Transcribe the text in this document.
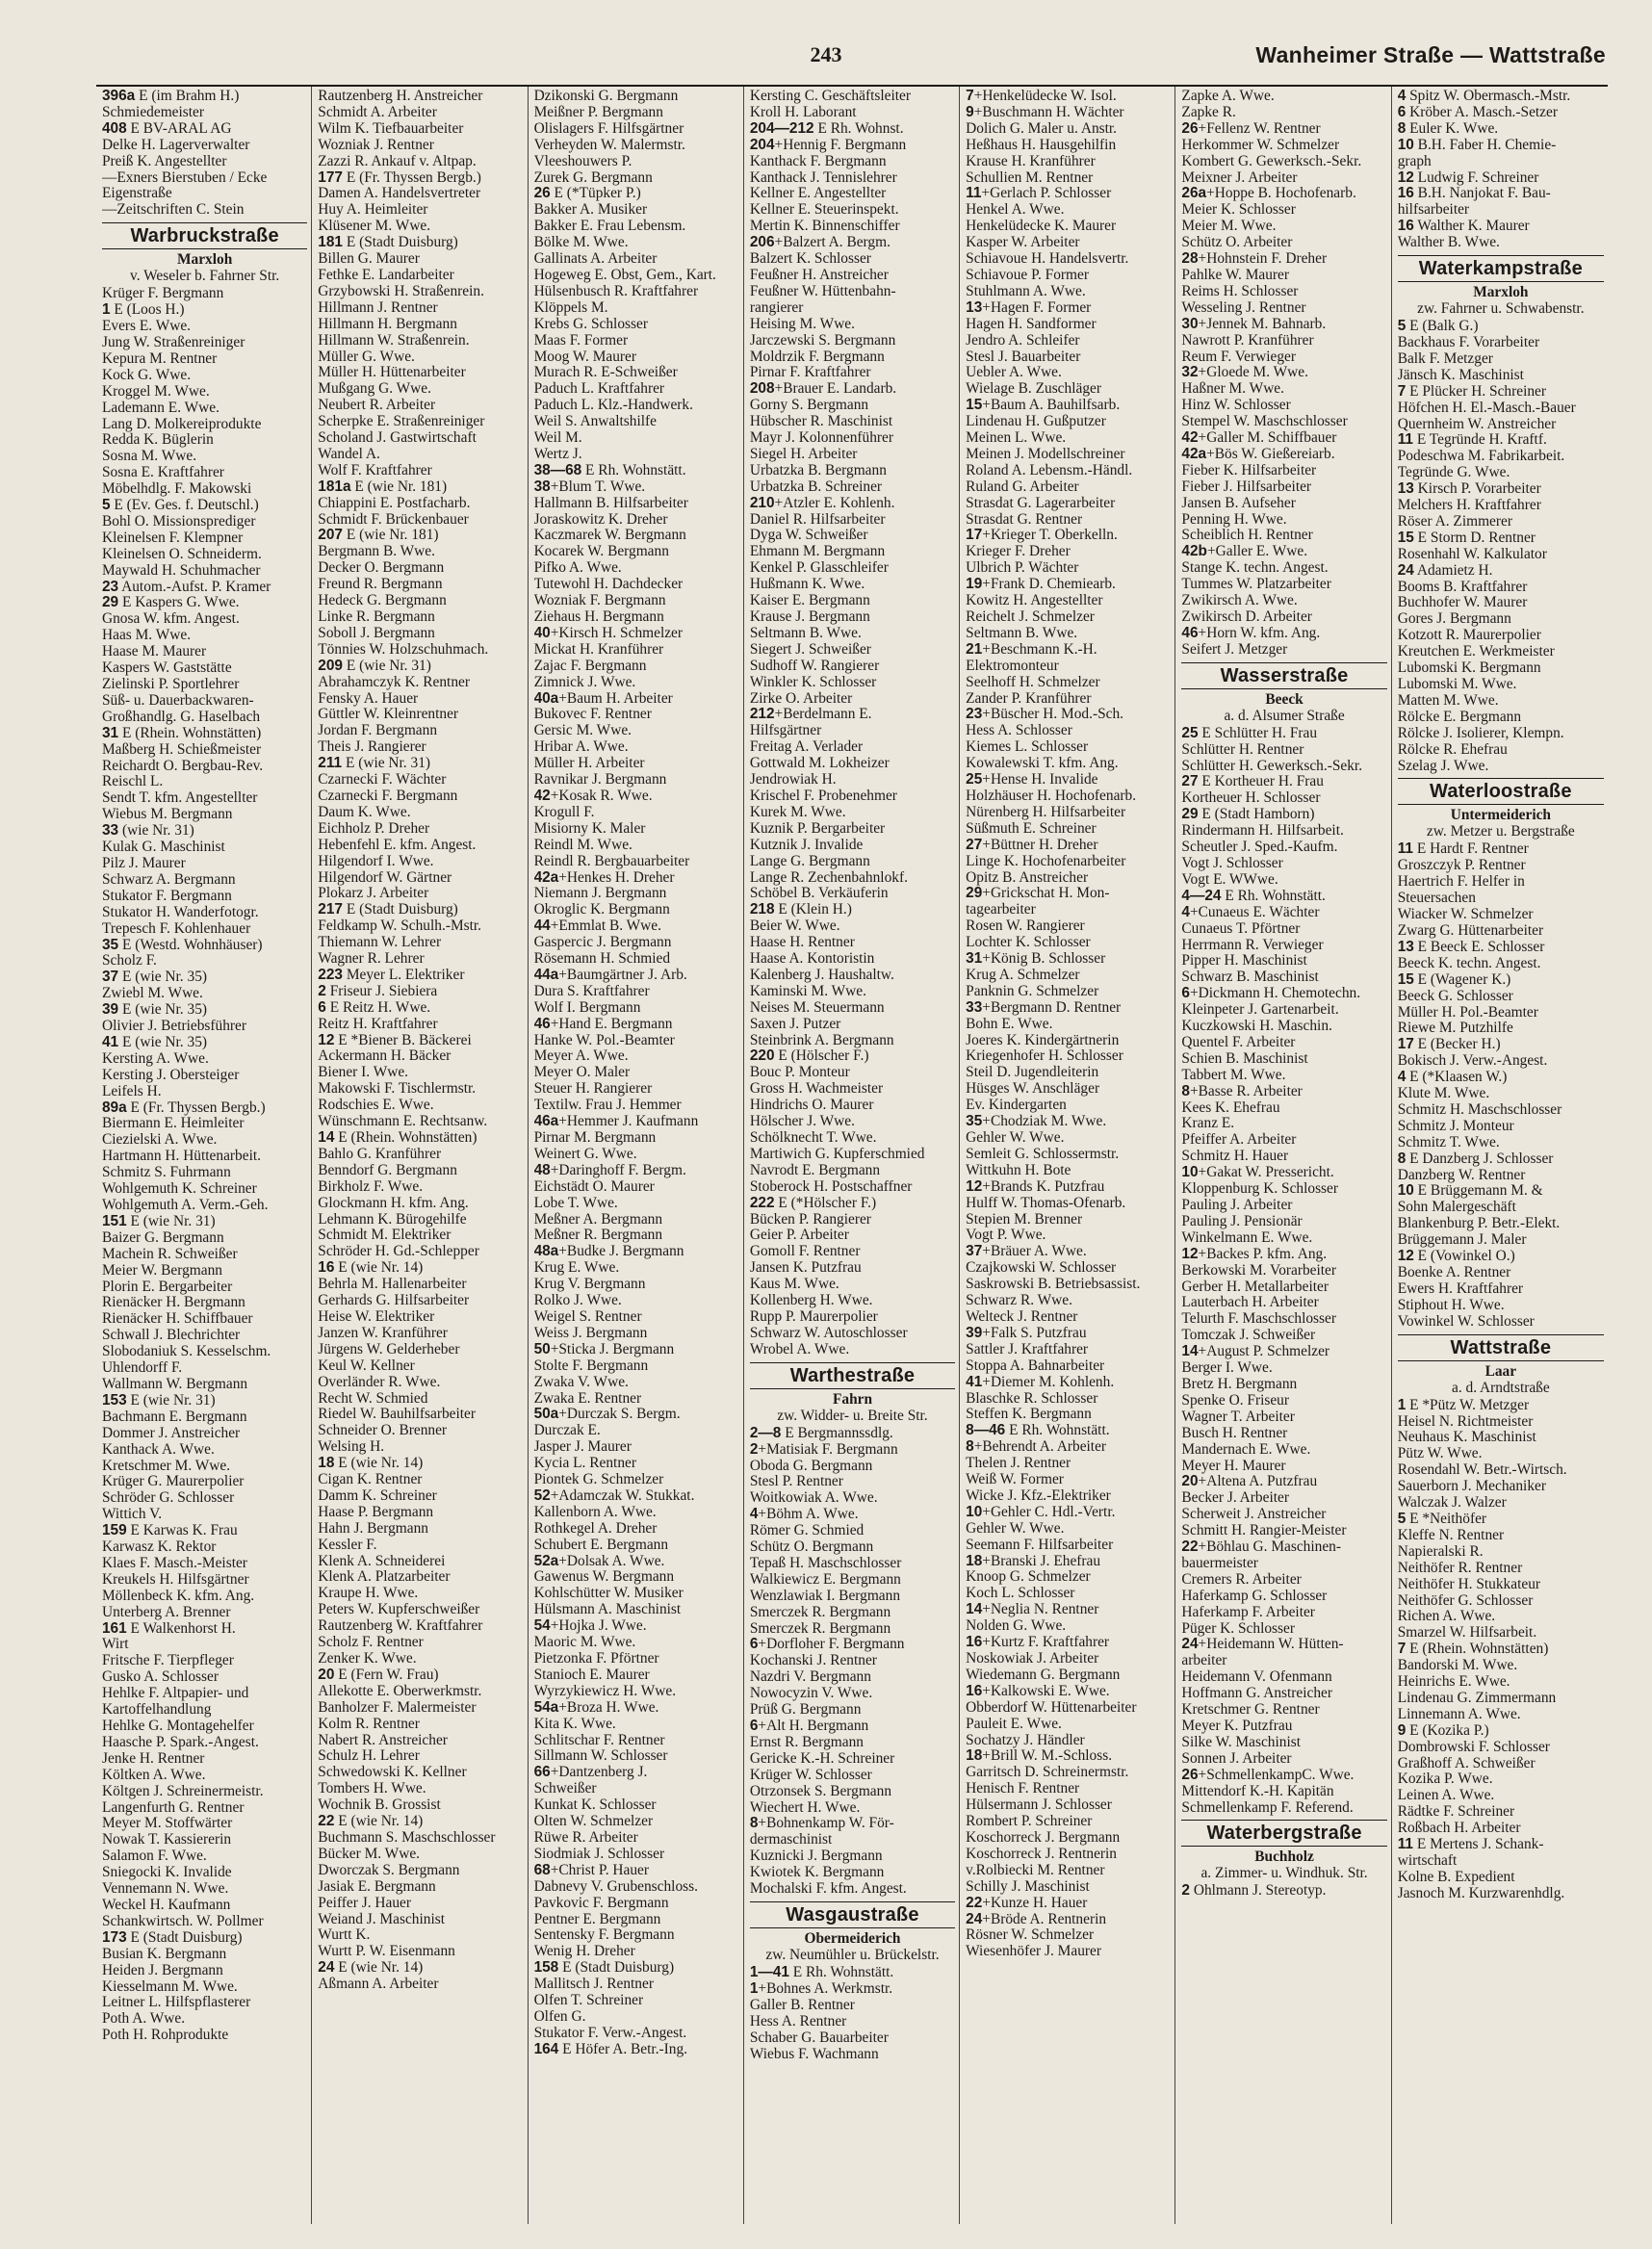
243	Wanheimer Straße — Wattstraße
396a E (im Brahm H.)
Schmiedemeister
408 E BV-ARAL AG
Delke H. Lagerverwalter
Preiß K. Angestellter
—Exners Bierstuben / Ecke
Eigenstraße
—Zeitschriften C. Stein
Warbruckstraße
Marxloh
v. Weseler b. Fahrner Str.
Krüger F. Bergmann
1 E (Loos H.)
Evers E. Wwe.
Jung W. Straßenreiniger
Kepura M. Rentner
Kock G. Wwe.
Kroggel M. Wwe.
Lademann E. Wwe.
Lang D. Molkereiprodukte
Redda K. Büglerin
Sosna M. Wwe.
Sosna E. Kraftfahrer
Möbelhdlg. F. Makowski
5 E (Ev. Ges. f. Deutschl.)
Bohl O. Missionsprediger
Kleinelsen F. Klempner
Kleinelsen O. Schneiderm.
Maywald H. Schuhmacher
23 Autom.-Aufst. P. Kramer
29 E Kaspers G. Wwe.
Gnosa W. kfm. Angest.
Haas M. Wwe.
Haase M. Maurer
Kaspers W. Gaststätte
Zielinski P. Sportlehrer
Süß- u. Dauerbackwaren-
Großhandlg. G. Haselbach
31 E (Rhein. Wohnstätten)
Maßberg H. Schießmeister
Reichardt O. Bergbau-Rev.
Reischl L.
Sendt T. kfm. Angestellter
Wiebus M. Bergmann
33 (wie Nr. 31)
Kulak G. Maschinist
Pilz J. Maurer
Schwarz A. Bergmann
Stukator F. Bergmann
Stukator H. Wanderfotogr.
Trepesch F. Kohlenhauer
35 E (Westd. Wohnhäuser)
Scholz F.
37 E (wie Nr. 35)
Zwiebl M. Wwe.
39 E (wie Nr. 35)
Olivier J. Betriebsführer
41 E (wie Nr. 35)
Kersting A. Wwe.
Kersting J. Obersteiger
Leifels H.
89a E (Fr. Thyssen Bergb.)
Biermann E. Heimleiter
Ciezielski A. Wwe.
Hartmann H. Hüttenarbeit.
Schmitz S. Fuhrmann
Wohlgemuth K. Schreiner
Wohlgemuth A. Verm.-Geh.
151 E (wie Nr. 31)
Baizer G. Bergmann
Machein R. Schweißer
Meier W. Bergmann
Plorin E. Bergarbeiter
Rienäcker H. Bergmann
Rienäcker H. Schiffbauer
Schwall J. Blechrichter
Slobodaniuk S. Kesselschm.
Uhlendorff F.
Wallmann W. Bergmann
153 E (wie Nr. 31)
Bachmann E. Bergmann
Dommer J. Anstreicher
Kanthack A. Wwe.
Kretschmer M. Wwe.
Krüger G. Maurerpolier
Schröder G. Schlosser
Wittich V.
159 E Karwas K. Frau
Karwasz K. Rektor
Klaes F. Masch.-Meister
Kreukels H. Hilfsgärtner
Möllenbeck K. kfm. Ang.
Unterberg A. Brenner
161 E Walkenhorst H.
Wirt
Fritsche F. Tierpfleger
Gusko A. Schlosser
Hehlke F. Altpapier- und
Kartoffelhandlung
Hehlke G. Montagehelfer
Haasche P. Spark.-Angest.
Jenke H. Rentner
Költken A. Wwe.
Költgen J. Schreinermeistr.
Langenfurth G. Rentner
Meyer M. Stoffwärter
Nowak T. Kassiererin
Salamon F. Wwe.
Sniegocki K. Invalide
Vennemann N. Wwe.
Weckel H. Kaufmann
Schankwirtsch. W. Pollmer
173 E (Stadt Duisburg)
Busian K. Bergmann
Heiden J. Bergmann
Kiesselmann M. Wwe.
Leitner L. Hilfspflasterer
Poth A. Wwe.
Poth H. Rohprodukte
Rautzenberg H. Anstreicher
Schmidt A. Arbeiter
Wilm K. Tiefbauarbeiter
Wozniak J. Rentner
Zazzi R. Ankauf v. Altpap.
177 E (Fr. Thyssen Bergb.)
Damen A. Handelsvertreter
Huy A. Heimleiter
Klüsener M. Wwe.
181 E (Stadt Duisburg)
Billen G. Maurer
Fethke E. Landarbeiter
Grzybowski H. Straßenrein.
Hillmann J. Rentner
Hillmann H. Bergmann
Hillmann W. Straßenrein.
Müller G. Wwe.
Müller H. Hüttenarbeiter
Mußgang G. Wwe.
Neubert R. Arbeiter
Scherpke E. Straßenreiniger
Scholand J. Gastwirtschaft
Wandel A.
Wolf F. Kraftfahrer
181a E (wie Nr. 181)
Chiappini E. Postfacharb.
Schmidt F. Brückenbauer
207 E (wie Nr. 181)
Bergmann B. Wwe.
Decker O. Bergmann
Freund R. Bergmann
Hedeck G. Bergmann
Linke R. Bergmann
Soboll J. Bergmann
Tönnies W. Holzschuhmach.
209 E (wie Nr. 31)
Abrahamczyk K. Rentner
Fensky A. Hauer
Güttler W. Kleinrentner
Jordan F. Bergmann
Theis J. Rangierer
211 E (wie Nr. 31)
Czarnecki F. Wächter
Czarnecki F. Bergmann
Daum K. Wwe.
Eichholz P. Dreher
Hebenfehl E. kfm. Angest.
Hilgendorf I. Wwe.
Hilgendorf W. Gärtner
Plokarz J. Arbeiter
217 E (Stadt Duisburg)
Feldkamp W. Schulh.-Mstr.
Thiemann W. Lehrer
Wagner R. Lehrer
223 Meyer L. Elektriker
2 Friseur J. Siebiera
6 E Reitz H. Wwe.
Reitz H. Kraftfahrer
12 E *Biener B. Bäckerei
Ackermann H. Bäcker
Biener I. Wwe.
Makowski F. Tischlermstr.
Rodschies E. Wwe.
Wünschmann E. Rechtsanw.
14 E (Rhein. Wohnstätten)
Bahlo G. Kranführer
Benndorf G. Bergmann
Birkholz F. Wwe.
Glockmann H. kfm. Ang.
Lehmann K. Bürogehilfe
Schmidt M. Elektriker
Schröder H. Gd.-Schlepper
16 E (wie Nr. 14)
Behrla M. Hallenarbeiter
Gerhards G. Hilfsarbeiter
Heise W. Elektriker
Janzen W. Kranführer
Jürgens W. Gelderheber
Keul W. Kellner
Overländer R. Wwe.
Recht W. Schmied
Riedel W. Bauhilfsarbeiter
Schneider O. Brenner
Welsing H.
18 E (wie Nr. 14)
Cigan K. Rentner
Damm K. Schreiner
Haase P. Bergmann
Hahn J. Bergmann
Kessler F.
Klenk A. Schneiderei
Klenk A. Platzarbeiter
Kraupe H. Wwe.
Peters W. Kupferschweißer
Rautzenberg W. Kraftfahrer
Scholz F. Rentner
Zenker K. Wwe.
20 E (Fern W. Frau)
Allekotte E. Oberwerkmstr.
Banholzer F. Malermeister
Kolm R. Rentner
Nabert R. Anstreicher
Schulz H. Lehrer
Schwedowski K. Kellner
Tombers H. Wwe.
Wochnik B. Grossist
22 E (wie Nr. 14)
Buchmann S. Maschschlosser
Bücker M. Wwe.
Dworczak S. Bergmann
Jasiak E. Bergmann
Peiffer J. Hauer
Weiand J. Maschinist
Wurtt K.
Wurtt P. W. Eisenmann
24 E (wie Nr. 14)
Aßmann A. Arbeiter
Dzikonski G. Bergmann
Meißner P. Bergmann
Olislagers F. Hilfsgärtner
Verheyden W. Malermstr.
Vleeshouwers P.
Zurek G. Bergmann
26 E (*Tüpker P.)
Bakker A. Musiker
Bakker E. Frau Lebensm.
Bölke M. Wwe.
Gallinats A. Arbeiter
Hogeweg E. Obst, Gem., Kart.
Hülsenbusch R. Kraftfahrer
Klöppels M.
Krebs G. Schlosser
Maas F. Former
Moog W. Maurer
Murach R. E-Schweißer
Paduch L. Kraftfahrer
Paduch L. Klz.-Handwerk.
Weil S. Anwaltshilfe
Weil M.
Wertz J.
38—68 E Rh. Wohnstätt.
38+Blum T. Wwe.
Hallmann B. Hilfsarbeiter
Joraskowitz K. Dreher
Kaczmarek W. Bergmann
Kocarek W. Bergmann
Pifko A. Wwe.
Tutewohl H. Dachdecker
Wozniak F. Bergmann
Ziehaus H. Bergmann
40+Kirsch H. Schmelzer
Mickat H. Kranführer
Zajac F. Bergmann
Zimnick J. Wwe.
40a+Baum H. Arbeiter
Bukovec F. Rentner
Gersic M. Wwe.
Hribar A. Wwe.
Müller H. Arbeiter
Ravnikar J. Bergmann
42+Kosak R. Wwe.
Krogull F.
Misiorny K. Maler
Reindl M. Wwe.
Reindl R. Bergbauarbeiter
42a+Henkes H. Dreher
Niemann J. Bergmann
Okroglic K. Bergmann
44+Emmlat B. Wwe.
Gaspercic J. Bergmann
Rösemann H. Schmied
44a+Baumgärtner J. Arb.
Dura S. Kraftfahrer
Wolf I. Bergmann
46+Hand E. Bergmann
Hanke W. Pol.-Beamter
Meyer A. Wwe.
Meyer O. Maler
Steuer H. Rangierer
Textilw. Frau J. Hemmer
46a+Hemmer J. Kaufmann
Pirnar M. Bergmann
Weinert G. Wwe.
48+Daringhoff F. Bergm.
Eichstädt O. Maurer
Lobe T. Wwe.
Meßner A. Bergmann
Meßner R. Bergmann
48a+Budke J. Bergmann
Krug E. Wwe.
Krug V. Bergmann
Rolko J. Wwe.
Weigel S. Rentner
Weiss J. Bergmann
50+Sticka J. Bergmann
Stolte F. Bergmann
Zwaka V. Wwe.
Zwaka E. Rentner
50a+Durczak S. Bergm.
Durczak E.
Jasper J. Maurer
Kycia L. Rentner
Piontek G. Schmelzer
52+Adamczak W. Stukkat.
Kallenborn A. Wwe.
Rothkegel A. Dreher
Schubert E. Bergmann
52a+Dolsak A. Wwe.
Gawenus W. Bergmann
Kohlschütter W. Musiker
Hülsmann A. Maschinist
54+Hojka J. Wwe.
Maoric M. Wwe.
Pietzonka F. Pförtner
Stanioch E. Maurer
Wyrzykiewicz H. Wwe.
54a+Broza H. Wwe.
Kita K. Wwe.
Schlitschar F. Rentner
Sillmann W. Schlosser
66+Dantzenberg J.
Schweißer
Kunkat K. Schlosser
Olten W. Schmelzer
Rüwe R. Arbeiter
Siodmiak J. Schlosser
68+Christ P. Hauer
Dabnevy V. Grubenschloss.
Pavkovic F. Bergmann
Pentner E. Bergmann
Sentensky F. Bergmann
Wenig H. Dreher
158 E (Stadt Duisburg)
Mallitsch J. Rentner
Olfen T. Schreiner
Olfen G.
Stukator F. Verw.-Angest.
164 E Höfer A. Betr.-Ing.
Kersting C. Geschäftsleiter
Kroll H. Laborant
204—212 E Rh. Wohnst.
204+Hennig F. Bergmann
Kanthack F. Bergmann
Kanthack J. Tennislehrer
Kellner E. Angestellter
Kellner E. Steuerinspekt.
Mertin K. Binnenschiffer
206+Balzert A. Bergm.
Balzert K. Schlosser
Feußner H. Anstreicher
Feußner W. Hüttenbahn-
rangierer
Heising M. Wwe.
Jarczewski S. Bergmann
Moldrzik F. Bergmann
Pirnar F. Kraftfahrer
208+Brauer E. Landarb.
Gorny S. Bergmann
Hübscher R. Maschinist
Mayr J. Kolonnenführer
Siegel H. Arbeiter
Urbatzka B. Bergmann
Urbatzka B. Schreiner
210+Atzler E. Kohlenh.
Daniel R. Hilfsarbeiter
Dyga W. Schweißer
Ehmann M. Bergmann
Kenkel P. Glasschleifer
Hußmann K. Wwe.
Kaiser E. Bergmann
Krause J. Bergmann
Seltmann B. Wwe.
Siegert J. Schweißer
Sudhoff W. Rangierer
Winkler K. Schlosser
Zirke O. Arbeiter
212+Berdelmann E.
Hilfsgärtner
Freitag A. Verlader
Gottwald M. Lokheizer
Jendrowiak H.
Krischel F. Probenehmer
Kurek M. Wwe.
Kuznik P. Bergarbeiter
Kutznik J. Invalide
Lange G. Bergmann
Lange R. Zechenbahnlokf.
Schöbel B. Verkäuferin
218 E (Klein H.)
Beier W. Wwe.
Haase H. Rentner
Haase A. Kontoristin
Kalenberg J. Haushaltw.
Kaminski M. Wwe.
Neises M. Steuermann
Saxen J. Putzer
Steinbrink A. Bergmann
220 E (Hölscher F.)
Bouc P. Monteur
Gross H. Wachmeister
Hindrichs O. Maurer
Hölscher J. Wwe.
Schölknecht T. Wwe.
Martiwich G. Kupferschmied
Navrodt E. Bergmann
Stoberock H. Postschaffner
222 E (*Hölscher F.)
Bücken P. Rangierer
Geier P. Arbeiter
Gomoll F. Rentner
Jansen K. Putzfrau
Kaus M. Wwe.
Kollenberg H. Wwe.
Rupp P. Maurerpolier
Schwarz W. Autoschlosser
Wrobel A. Wwe.
Warthestraße
Fahrn
zw. Widder- u. Breite Str.
2—8 E Bergmannssdlg.
2+Matisiak F. Bergmann
Oboda G. Bergmann
Stesl P. Rentner
Woitkowiak A. Wwe.
4+Böhm A. Wwe.
Römer G. Schmied
Schütz O. Bergmann
Tepaß H. Maschschlosser
Walkiewicz E. Bergmann
Wenzlawiak I. Bergmann
Smerczek R. Bergmann
Smerczek R. Bergmann
6+Dorfloher F. Bergmann
Kochanski J. Rentner
Nazdri V. Bergmann
Nowocyzin V. Wwe.
Prüß G. Bergmann
6+Alt H. Bergmann
Ernst R. Bergmann
Gericke K.-H. Schreiner
Krüger W. Schlosser
Otrzonsek S. Bergmann
Wiechert H. Wwe.
8+Bohnenkamp W. För-
dermaschinist
Kuznicki J. Bergmann
Kwiotek K. Bergmann
Mochalski F. kfm. Angest.
Wasgaustraße
Obermeiderich
zw. Neumühler u. Brückelstr.
1—41 E Rh. Wohnstätt.
1+Bohnes A. Werkmstr.
Galler B. Rentner
Hess A. Rentner
Schaber G. Bauarbeiter
Wiebus F. Wachmann
7+Henkelüdecke W. Isol.
9+Buschmann H. Wächter
Dolich G. Maler u. Anstr.
Heßhaus H. Hausgehilfin
Krause H. Kranführer
Schullien M. Rentner
11+Gerlach P. Schlosser
Henkel A. Wwe.
Henkelüdecke K. Maurer
Kasper W. Arbeiter
Schiavoue H. Handelsvertr.
Schiavoue P. Former
Stuhlmann A. Wwe.
13+Hagen F. Former
Hagen H. Sandformer
Jendro A. Schleifer
Stesl J. Bauarbeiter
Uebler A. Wwe.
Wielage B. Zuschläger
15+Baum A. Bauhilfsarb.
Lindenau H. Gußputzer
Meinen L. Wwe.
Meinen J. Modellschreiner
Roland A. Lebensm.-Händl.
Ruland G. Arbeiter
Strasdat G. Lagerarbeiter
Strasdat G. Rentner
17+Krieger T. Oberkelln.
Krieger F. Dreher
Ulbrich P. Wächter
19+Frank D. Chemiearb.
Kowitz H. Angestellter
Reichelt J. Schmelzer
Seltmann B. Wwe.
21+Beschmann K.-H.
Elektromonteur
Seelhoff H. Schmelzer
Zander P. Kranführer
23+Büscher H. Mod.-Sch.
Hess A. Schlosser
Kiemes L. Schlosser
Kowalewski T. kfm. Ang.
25+Hense H. Invalide
Holzhäuser H. Hochofenarb.
Nürenberg H. Hilfsarbeiter
Süßmuth E. Schreiner
27+Büttner H. Dreher
Linge K. Hochofenarbeiter
Opitz B. Anstreicher
29+Grickschat H. Mon-
tagearbeiter
Rosen W. Rangierer
Lochter K. Schlosser
31+König B. Schlosser
Krug A. Schmelzer
Panknin G. Schmelzer
33+Bergmann D. Rentner
Bohn E. Wwe.
Joeres K. Kindergärtnerin
Kriegenhofer H. Schlosser
Steil D. Jugendleiterin
Hüsges W. Anschläger
Ev. Kindergarten
35+Chodziak M. Wwe.
Gehler W. Wwe.
Semleit G. Schlossermstr.
Wittkuhn H. Bote
12+Brands K. Putzfrau
Hulff W. Thomas-Ofenarb.
Stepien M. Brenner
Vogt P. Wwe.
37+Bräuer A. Wwe.
Czajkowski W. Schlosser
Saskrowski B. Betriebsassist.
Schwarz R. Wwe.
Welteck J. Rentner
39+Falk S. Putzfrau
Sattler J. Kraftfahrer
Stoppa A. Bahnarbeiter
41+Diemer M. Kohlenh.
Blaschke R. Schlosser
Steffen K. Bergmann
8—46 E Rh. Wohnstätt.
8+Behrendt A. Arbeiter
Thelen J. Rentner
Weiß W. Former
Wicke J. Kfz.-Elektriker
10+Gehler C. Hdl.-Vertr.
Gehler W. Wwe.
Seemann F. Hilfsarbeiter
18+Branski J. Ehefrau
Knoop G. Schmelzer
Koch L. Schlosser
14+Neglia N. Rentner
Nolden G. Wwe.
16+Kurtz F. Kraftfahrer
Noskowiak J. Arbeiter
Wiedemann G. Bergmann
16+Kalkowski E. Wwe.
Obberdorf W. Hüttenarbeiter
Pauleit E. Wwe.
Sochatzy J. Händler
18+Brill W. M.-Schloss.
Garritsch D. Schreinermstr.
Henisch F. Rentner
Hülsermann J. Schlosser
Rombert P. Schreiner
Koschorreck J. Bergmann
Koschorreck J. Rentnerin
v.Rolbiecki M. Rentner
Schilly J. Maschinist
22+Kunze H. Hauer
24+Bröde A. Rentnerin
Rösner W. Schmelzer
Wiesenhöfer J. Maurer
Zapke A. Wwe.
Zapke R.
26+Fellenz W. Rentner
Herkommer W. Schmelzer
Kombert G. Gewerksch.-Sekr.
Meixner J. Arbeiter
26a+Hoppe B. Hochofenarb.
Meier K. Schlosser
Meier M. Wwe.
Schütz O. Arbeiter
28+Hohnstein F. Dreher
Pahlke W. Maurer
Reims H. Schlosser
Wesseling J. Rentner
30+Jennek M. Bahnarb.
Nawrott P. Kranführer
Reum F. Verwieger
32+Gloede M. Wwe.
Haßner M. Wwe.
Hinz W. Schlosser
Stempel W. Maschschlosser
42+Galler M. Schiffbauer
42a+Bös W. Gießereiarb.
Fieber K. Hilfsarbeiter
Fieber J. Hilfsarbeiter
Jansen B. Aufseher
Penning H. Wwe.
Scheiblich H. Rentner
42b+Galler E. Wwe.
Stange K. techn. Angest.
Tummes W. Platzarbeiter
Zwikirsch A. Wwe.
Zwikirsch D. Arbeiter
46+Horn W. kfm. Ang.
Seifert J. Metzger
Wasserstraße
Beeck
a. d. Alsumer Straße
25 E Schlütter H. Frau
Schlütter H. Rentner
Schlütter H. Gewerksch.-Sekr.
27 E Kortheuer H. Frau
Kortheuer H. Schlosser
29 E (Stadt Hamborn)
Rindermann H. Hilfsarbeit.
Scheutler J. Sped.-Kaufm.
Vogt J. Schlosser
Vogt E. WWwe.
4—24 E Rh. Wohnstätt.
4+Cunaeus E. Wächter
Cunaeus T. Pförtner
Herrmann R. Verwieger
Pipper H. Maschinist
Schwarz B. Maschinist
6+Dickmann H. Chemotechn.
Kleinpeter J. Gartenarbeit.
Kuczkowski H. Maschin.
Quentel F. Arbeiter
Schien B. Maschinist
Tabbert M. Wwe.
8+Basse R. Arbeiter
Kees K. Ehefrau
Kranz E.
Pfeiffer A. Arbeiter
Schmitz H. Hauer
10+Gakat W. Pressericht.
Kloppenburg K. Schlosser
Pauling J. Arbeiter
Pauling J. Pensionär
Winkelmann E. Wwe.
12+Backes P. kfm. Ang.
Berkowski M. Vorarbeiter
Gerber H. Metallarbeiter
Lauterbach H. Arbeiter
Telurth F. Maschschlosser
Tomczak J. Schweißer
14+August P. Schmelzer
Berger I. Wwe.
Bretz H. Bergmann
Spenke O. Friseur
Wagner T. Arbeiter
Busch H. Rentner
Mandernach E. Wwe.
Meyer H. Maurer
20+Altena A. Putzfrau
Becker J. Arbeiter
Scherweit J. Anstreicher
Schmitt H. Rangier-Meister
22+Böhlau G. Maschinen-
bauermeister
Cremers R. Arbeiter
Haferkamp G. Schlosser
Haferkamp F. Arbeiter
Püger K. Schlosser
24+Heidemann W. Hütten-
arbeiter
Heidemann V. Ofenmann
Hoffmann G. Anstreicher
Kretschmer G. Rentner
Meyer K. Putzfrau
Silke W. Maschinist
Sonnen J. Arbeiter
26+SchmellenkampC. Wwe.
Mittendorf K.-H. Kapitän
Schmellenkamp F. Referend.
Waterbergstraße
Buchholz
a. Zimmer- u. Windhuk. Str.
2 Ohlmann J. Stereotyp.
4 Spitz W. Obermasch.-Mstr.
6 Kröber A. Masch.-Setzer
8 Euler K. Wwe.
10 B.H. Faber H. Chemie-
graph
12 Ludwig F. Schreiner
16 B.H. Nanjokat F. Bau-
hilfsarbeiter
16 Walther K. Maurer
Walther B. Wwe.
Waterkampstraße
Marxloh
zw. Fahrner u. Schwabenstr.
5 E (Balk G.)
Backhaus F. Vorarbeiter
Balk F. Metzger
Jänsch K. Maschinist
7 E Plücker H. Schreiner
Höfchen H. El.-Masch.-Bauer
Quernheim W. Anstreicher
11 E Tegründe H. Kraftf.
Podeschwa M. Fabrikarbeit.
Tegründe G. Wwe.
13 Kirsch P. Vorarbeiter
Melchers H. Kraftfahrer
Röser A. Zimmerer
15 E Storm D. Rentner
Rosenhahl W. Kalkulator
24 Adamietz H.
Booms B. Kraftfahrer
Buchhofer W. Maurer
Gores J. Bergmann
Kotzott R. Maurerpolier
Kreutchen E. Werkmeister
Lubomski K. Bergmann
Lubomski M. Wwe.
Matten M. Wwe.
Rölcke E. Bergmann
Rölcke J. Isolierer, Klempn.
Rölcke R. Ehefrau
Szelag J. Wwe.
Waterloostraße
Untermeiderich
zw. Metzer u. Bergstraße
11 E Hardt F. Rentner
Groszczyk P. Rentner
Haertrich F. Helfer in
Steuersachen
Wiacker W. Schmelzer
Zwarg G. Hüttenarbeiter
13 E Beeck E. Schlosser
Beeck K. techn. Angest.
15 E (Wagener K.)
Beeck G. Schlosser
Müller H. Pol.-Beamter
Riewe M. Putzhilfe
17 E (Becker H.)
Bokisch J. Verw.-Angest.
4 E (*Klaasen W.)
Klute M. Wwe.
Schmitz H. Maschschlosser
Schmitz J. Monteur
Schmitz T. Wwe.
8 E Danzberg J. Schlosser
Danzberg W. Rentner
10 E Brüggemann M. &
Sohn Malergeschäft
Blankenburg P. Betr.-Elekt.
Brüggemann J. Maler
12 E (Vowinkel O.)
Boenke A. Rentner
Ewers H. Kraftfahrer
Stiphout H. Wwe.
Vowinkel W. Schlosser
Wattstraße
Laar
a. d. Arndtstraße
1 E *Pütz W. Metzger
Heisel N. Richtmeister
Neuhaus K. Maschinist
Pütz W. Wwe.
Rosendahl W. Betr.-Wirtsch.
Sauerborn J. Mechaniker
Walczak J. Walzer
5 E *Neithöfer
Kleffe N. Rentner
Napieralski R.
Neithöfer R. Rentner
Neithöfer H. Stukkateur
Neithöfer G. Schlosser
Richen A. Wwe.
Smarzel W. Hilfsarbeit.
7 E (Rhein. Wohnstätten)
Bandorski M. Wwe.
Heinrichs E. Wwe.
Lindenau G. Zimmermann
Linnemann A. Wwe.
9 E (Kozika P.)
Dombrowski F. Schlosser
Graßhoff A. Schweißer
Kozika P. Wwe.
Leinen A. Wwe.
Rädtke F. Schreiner
Roßbach H. Arbeiter
11 E Mertens J. Schank-
wirtschaft
Kolne B. Expedient
Jasnoch M. Kurzwarenhdlg.
